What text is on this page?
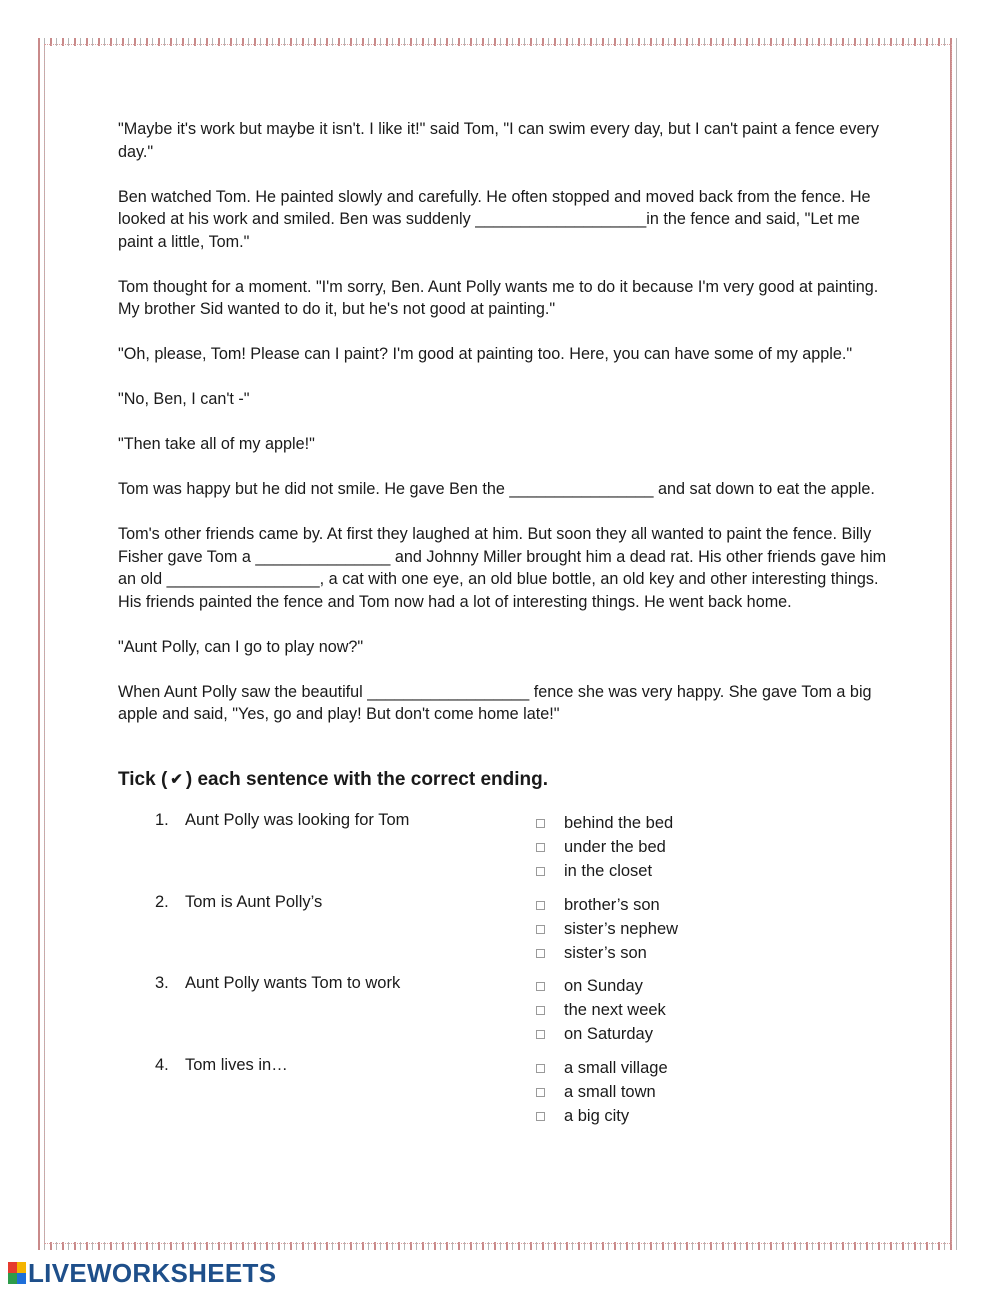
"Maybe it's work but maybe it isn't. I like it!" said Tom, "I can swim every day, but I can't paint a fence every day."

Ben watched Tom. He painted slowly and carefully. He often stopped and moved back from the fence. He looked at his work and smiled. Ben was suddenly ___________________in the fence and said, "Let me paint a little, Tom."

Tom thought for a moment. "I'm sorry, Ben. Aunt Polly wants me to do it because I'm very good at painting. My brother Sid wanted to do it, but he's not good at painting."

"Oh, please, Tom! Please can I paint? I'm good at painting too. Here, you can have some of my apple."

"No, Ben, I can't -"

"Then take all of my apple!"

Tom was happy but he did not smile. He gave Ben the ________________ and sat down to eat the apple.

Tom's other friends came by. At first they laughed at him. But soon they all wanted to paint the fence. Billy Fisher gave Tom a _______________ and Johnny Miller brought him a dead rat. His other friends gave him an old _________________, a cat with one eye, an old blue bottle, an old key and other interesting things. His friends painted the fence and Tom now had a lot of interesting things. He went back home.

"Aunt Polly, can I go to play now?"

When Aunt Polly saw the beautiful __________________ fence she was very happy. She gave Tom a big apple and said, "Yes, go and play! But don't come home late!"

Tick ( ✔ ) each sentence with the correct ending.
1. Aunt Polly was looking for Tom	behind the bed
under the bed
in the closet
2. Tom is Aunt Polly’s	brother’s son
sister’s nephew
sister’s son
3. Aunt Polly wants Tom to work	on Sunday
the next week
on Saturday
4. Tom lives in…	a small village
a small town
a big city
LIVEWORKSHEETS
